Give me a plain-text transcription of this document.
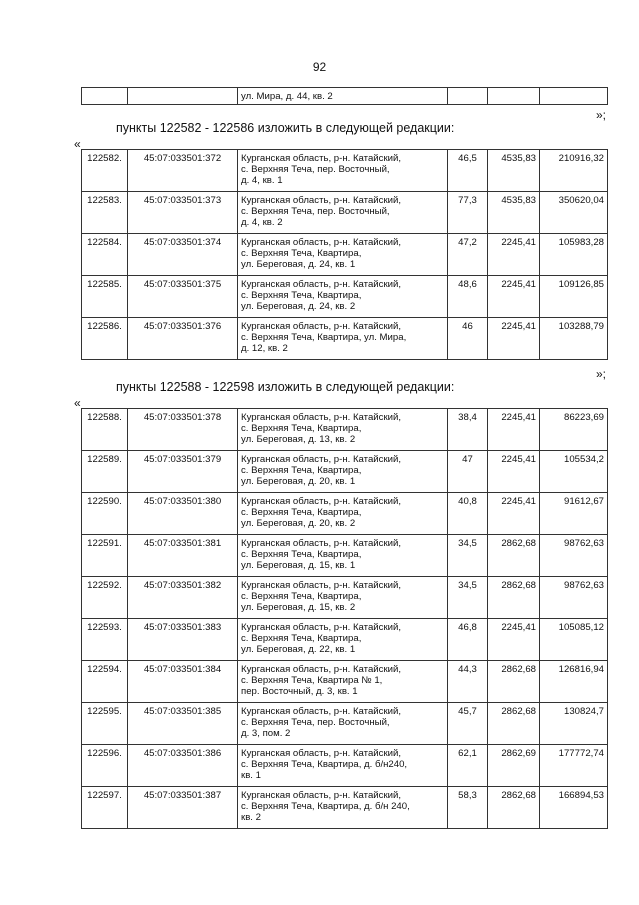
92
		ул. Мира, д. 44, кв. 2			
»;
пункты 122582 - 122586 изложить в следующей редакции:
«
122582.	45:07:033501:372	Курганская область, р-н. Катайский,
с. Верхняя Теча, пер. Восточный,
д. 4, кв. 1	46,5	4535,83	210916,32
122583.	45:07:033501:373	Курганская область, р-н. Катайский,
с. Верхняя Теча, пер. Восточный,
д. 4, кв. 2	77,3	4535,83	350620,04
122584.	45:07:033501:374	Курганская область, р-н. Катайский,
с. Верхняя Теча, Квартира,
ул. Береговая, д. 24, кв. 1	47,2	2245,41	105983,28
122585.	45:07:033501:375	Курганская область, р-н. Катайский,
с. Верхняя Теча, Квартира,
ул. Береговая, д. 24, кв. 2	48,6	2245,41	109126,85
122586.	45:07:033501:376	Курганская область, р-н. Катайский,
с. Верхняя Теча, Квартира, ул. Мира,
д. 12, кв. 2	46	2245,41	103288,79
»;
пункты 122588 - 122598 изложить в следующей редакции:
«
122588.	45:07:033501:378	Курганская область, р-н. Катайский,
с. Верхняя Теча, Квартира,
ул. Береговая, д. 13, кв. 2	38,4	2245,41	86223,69
122589.	45:07:033501:379	Курганская область, р-н. Катайский,
с. Верхняя Теча, Квартира,
ул. Береговая, д. 20, кв. 1	47	2245,41	105534,2
122590.	45:07:033501:380	Курганская область, р-н. Катайский,
с. Верхняя Теча, Квартира,
ул. Береговая, д. 20, кв. 2	40,8	2245,41	91612,67
122591.	45:07:033501:381	Курганская область, р-н. Катайский,
с. Верхняя Теча, Квартира,
ул. Береговая, д. 15, кв. 1	34,5	2862,68	98762,63
122592.	45:07:033501:382	Курганская область, р-н. Катайский,
с. Верхняя Теча, Квартира,
ул. Береговая, д. 15, кв. 2	34,5	2862,68	98762,63
122593.	45:07:033501:383	Курганская область, р-н. Катайский,
с. Верхняя Теча, Квартира,
ул. Береговая, д. 22, кв. 1	46,8	2245,41	105085,12
122594.	45:07:033501:384	Курганская область, р-н. Катайский,
с. Верхняя Теча, Квартира № 1,
пер. Восточный, д. 3, кв. 1	44,3	2862,68	126816,94
122595.	45:07:033501:385	Курганская область, р-н. Катайский,
с. Верхняя Теча, пер. Восточный,
д. 3, пом. 2	45,7	2862,68	130824,7
122596.	45:07:033501:386	Курганская область, р-н. Катайский,
с. Верхняя Теча, Квартира, д. б/н240,
кв. 1	62,1	2862,69	177772,74
122597.	45:07:033501:387	Курганская область, р-н. Катайский,
с. Верхняя Теча, Квартира, д. б/н 240,
кв. 2	58,3	2862,68	166894,53
